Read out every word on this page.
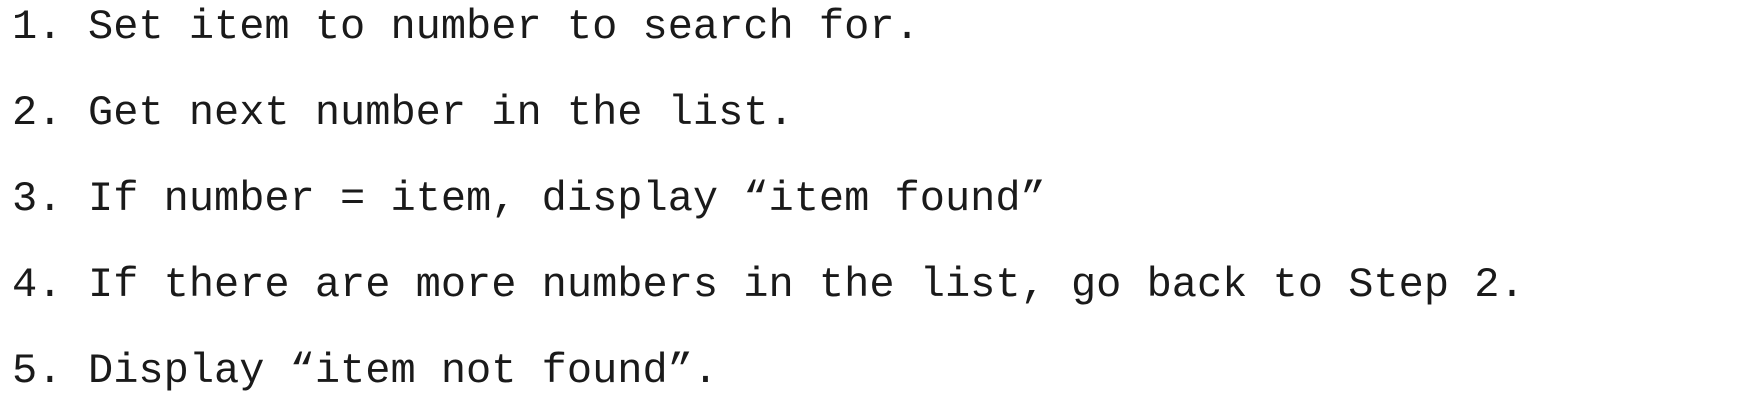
1. Set item to number to search for.
2. Get next number in the list.
3. If number = item, display “item found”
4. If there are more numbers in the list, go back to Step 2.
5. Display “item not found”.
